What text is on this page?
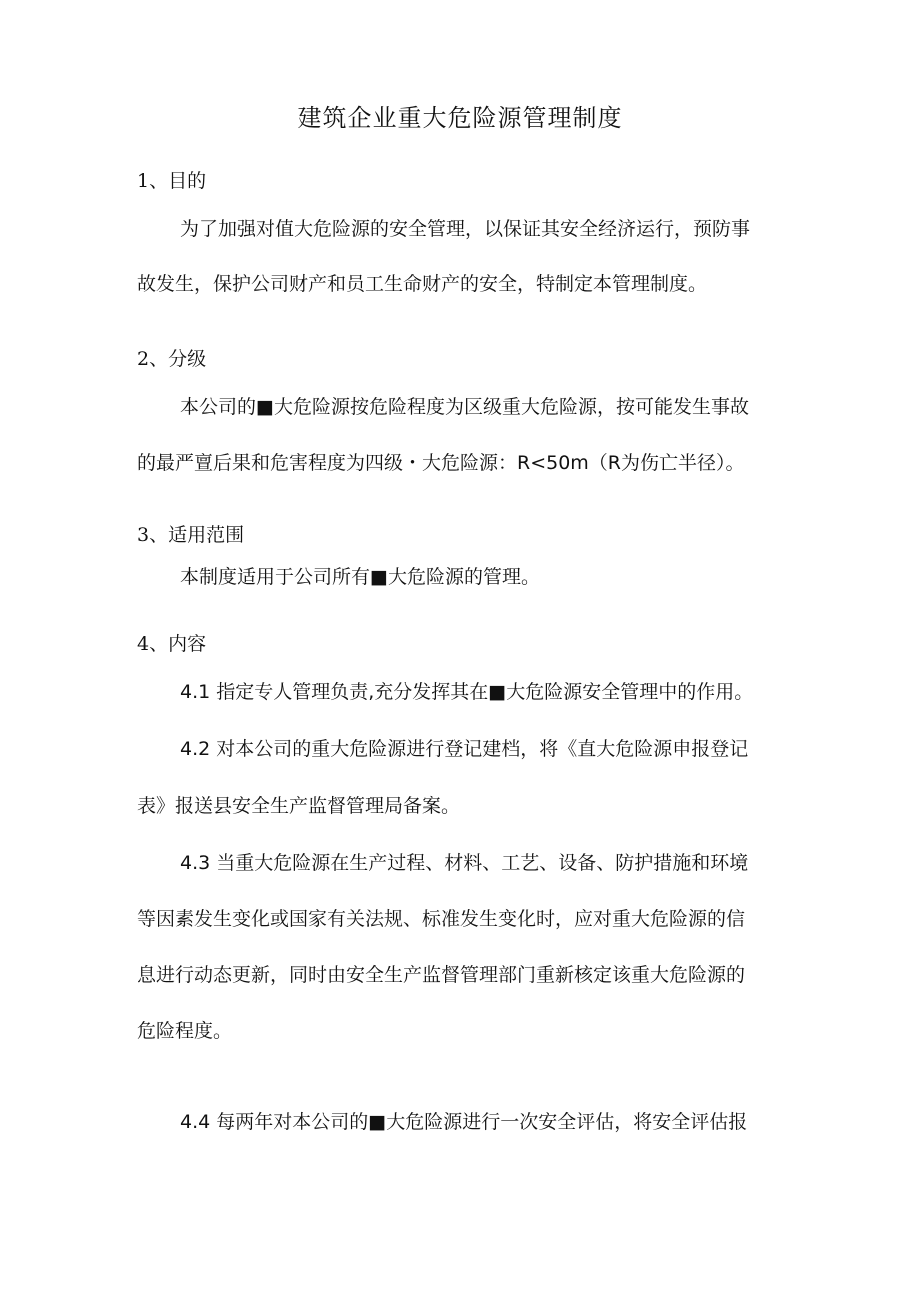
建筑企业重大危险源管理制度
1、目的
为了加强对值大危险源的安全管理，以保证其安全经济运行，预防事
故发生，保护公司财产和员工生命财产的安全，特制定本管理制度。
2、分级
本公司的■大危险源按危险程度为区级重大危险源，按可能发生事故
的最严亶后果和危害程度为四级・大危险源：R<50m（R为伤亡半径）。
3、适用范围
本制度适用于公司所有■大危险源的管理。
4、内容
4.1 指定专人管理负责,充分发挥其在■大危险源安全管理中的作用。
4.2 对本公司的重大危险源进行登记建档，将《直大危险源申报登记
表》报送县安全生产监督管理局备案。
4.3 当重大危险源在生产过程、材料、工艺、设备、防护措施和环境
等因素发生变化或国家有关法规、标准发生变化时，应对重大危险源的信
息进行动态更新，同时由安全生产监督管理部门重新核定该重大危险源的
危险程度。
4.4 每两年对本公司的■大危险源进行一次安全评估，将安全评估报
